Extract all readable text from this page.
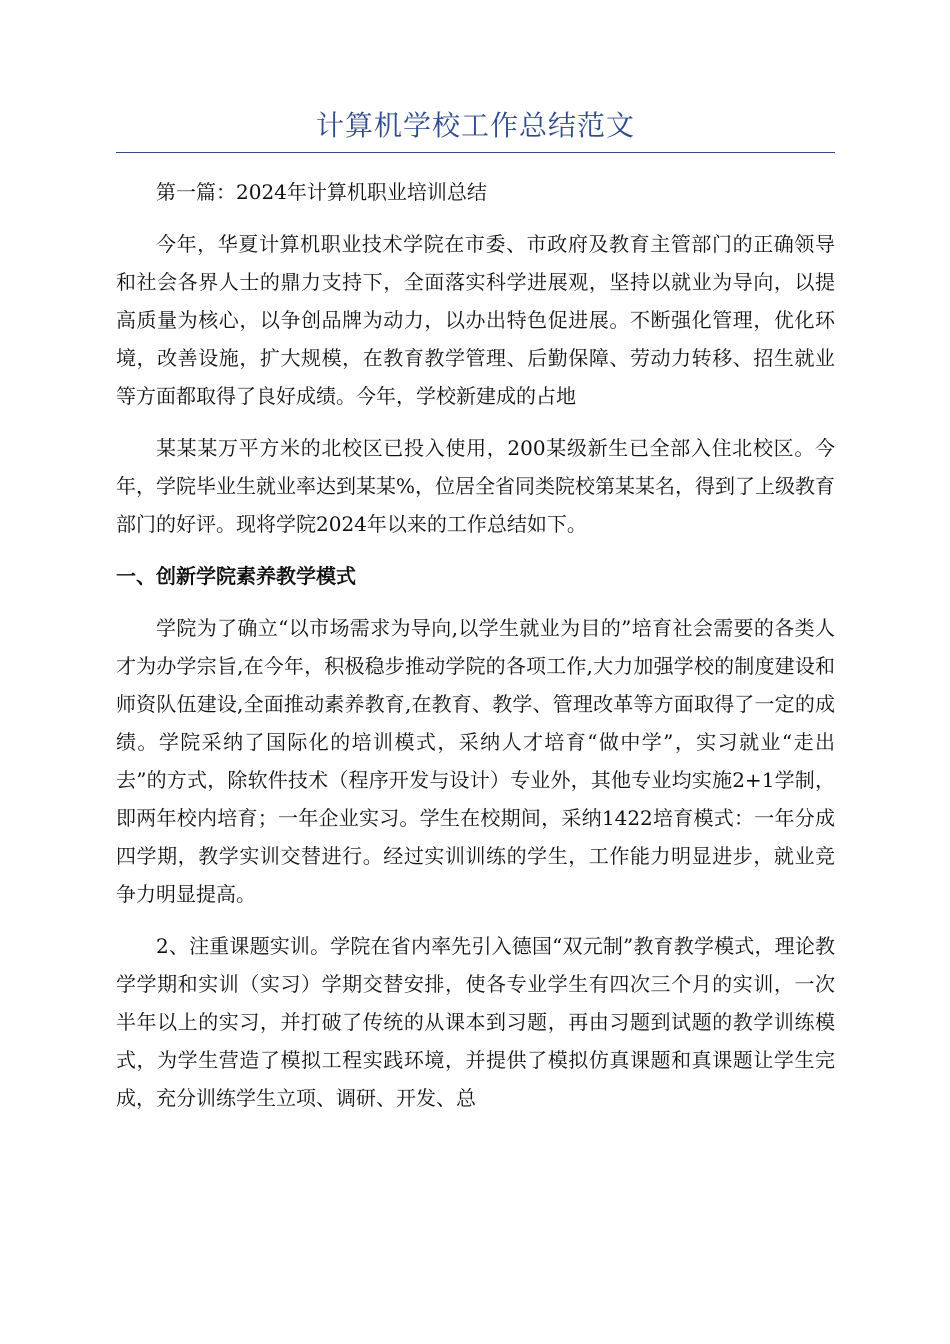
计算机学校工作总结范文

第一篇：2024年计算机职业培训总结

今年，华夏计算机职业技术学院在市委、市政府及教育主管部门的正确领导和社会各界人士的鼎力支持下，全面落实科学进展观，坚持以就业为导向，以提高质量为核心，以争创品牌为动力，以办出特色促进展。不断强化管理，优化环境，改善设施，扩大规模，在教育教学管理、后勤保障、劳动力转移、招生就业等方面都取得了良好成绩。今年，学校新建成的占地

某某某万平方米的北校区已投入使用，200某级新生已全部入住北校区。今年，学院毕业生就业率达到某某%，位居全省同类院校第某某名，得到了上级教育部门的好评。现将学院2024年以来的工作总结如下。

一、创新学院素养教学模式

学院为了确立“以市场需求为导向,以学生就业为目的”培育社会需要的各类人才为办学宗旨,在今年，积极稳步推动学院的各项工作,大力加强学校的制度建设和师资队伍建设,全面推动素养教育,在教育、教学、管理改革等方面取得了一定的成绩。学院采纳了国际化的培训模式，采纳人才培育“做中学”，实习就业“走出去”的方式，除软件技术（程序开发与设计）专业外，其他专业均实施2+1学制，即两年校内培育；一年企业实习。学生在校期间，采纳1422培育模式：一年分成四学期，教学实训交替进行。经过实训训练的学生，工作能力明显进步，就业竞争力明显提高。

2、注重课题实训。学院在省内率先引入德国“双元制”教育教学模式，理论教学学期和实训（实习）学期交替安排，使各专业学生有四次三个月的实训，一次半年以上的实习，并打破了传统的从课本到习题，再由习题到试题的教学训练模式，为学生营造了模拟工程实践环境，并提供了模拟仿真课题和真课题让学生完成，充分训练学生立项、调研、开发、总
